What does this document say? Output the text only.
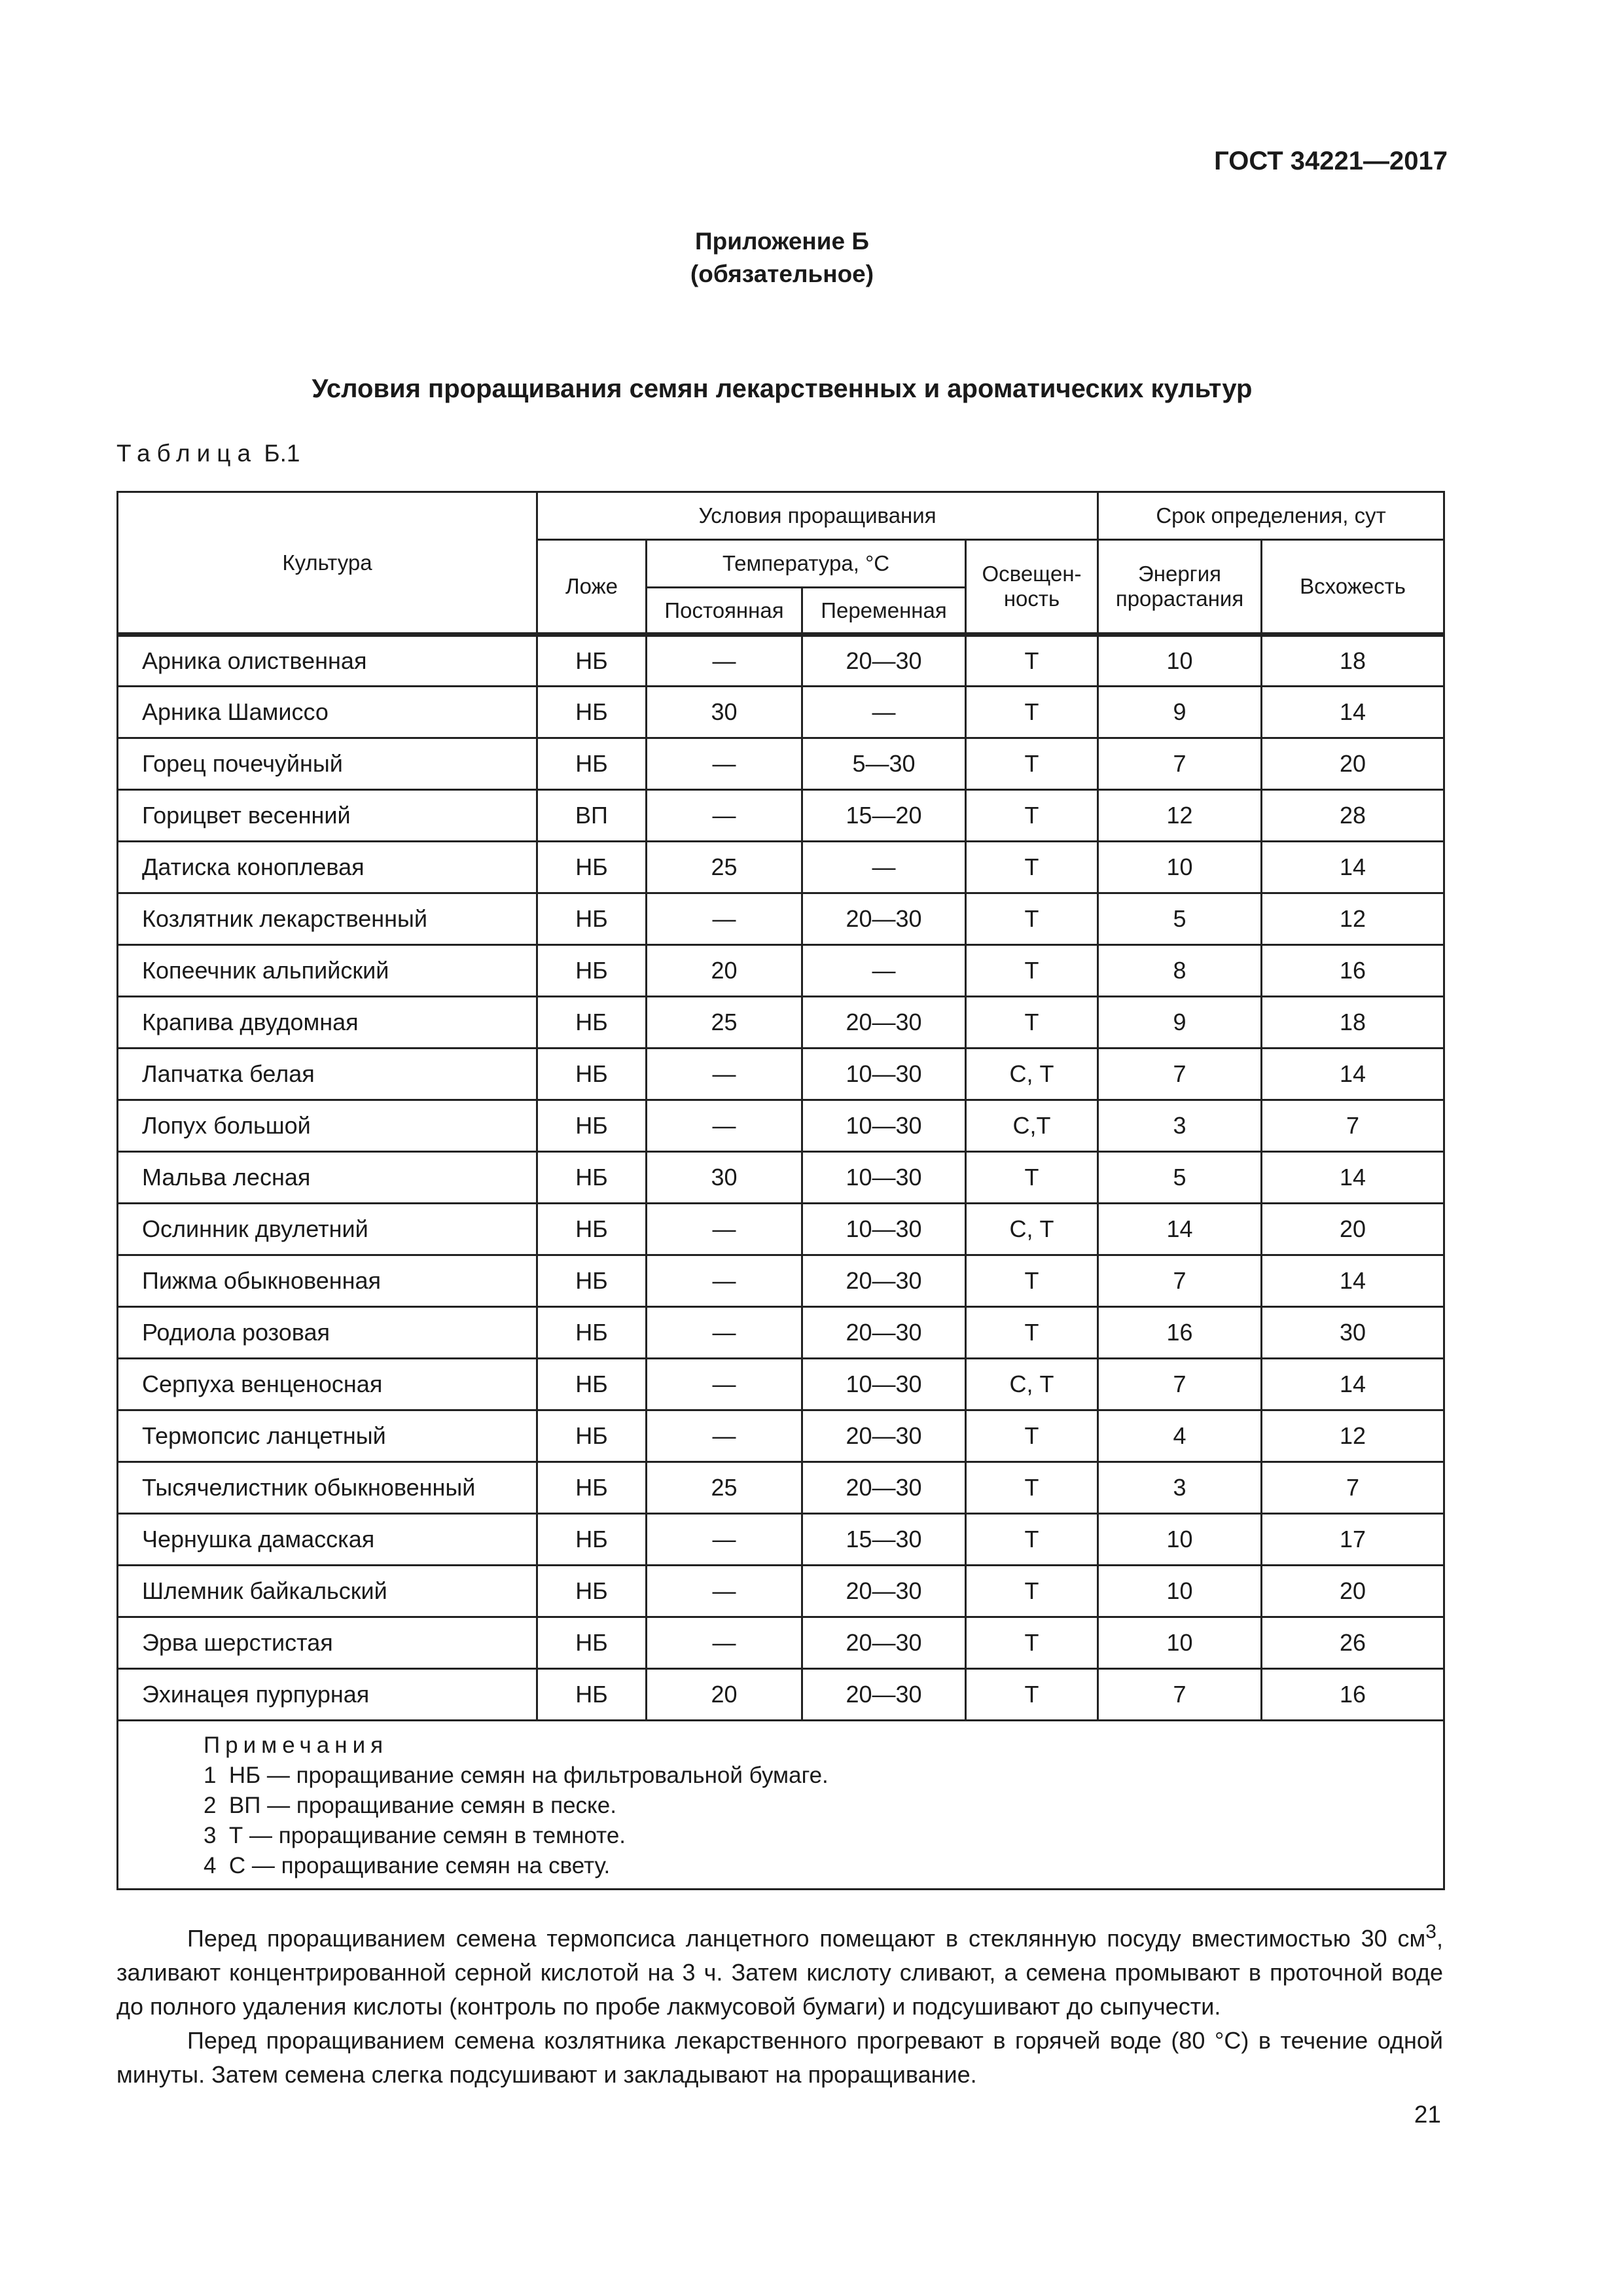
ГОСТ 34221—2017
Приложение Б
(обязательное)
Условия проращивания семян лекарственных и ароматических культур
Таблица Б.1
Культура	Условия проращивания				Срок определения, сут	
	Ложе	Температура, °С		Освещен-ность	Энергия прорастания	Всхожесть
		Постоянная	Переменная			
Арника олиственная	НБ	—	20—30	Т	10	18
Арника Шамиссо	НБ	30	—	Т	9	14
Горец почечуйный	НБ	—	5—30	Т	7	20
Горицвет весенний	ВП	—	15—20	Т	12	28
Датиска коноплевая	НБ	25	—	Т	10	14
Козлятник лекарственный	НБ	—	20—30	Т	5	12
Копеечник альпийский	НБ	20	—	Т	8	16
Крапива двудомная	НБ	25	20—30	Т	9	18
Лапчатка белая	НБ	—	10—30	С, Т	7	14
Лопух большой	НБ	—	10—30	С,Т	3	7
Мальва лесная	НБ	30	10—30	Т	5	14
Ослинник двулетний	НБ	—	10—30	С, Т	14	20
Пижма обыкновенная	НБ	—	20—30	Т	7	14
Родиола розовая	НБ	—	20—30	Т	16	30
Серпуха венценосная	НБ	—	10—30	С, Т	7	14
Термопсис ланцетный	НБ	—	20—30	Т	4	12
Тысячелистник обыкновенный	НБ	25	20—30	Т	3	7
Чернушка дамасская	НБ	—	15—30	Т	10	17
Шлемник байкальский	НБ	—	20—30	Т	10	20
Эрва шерстистая	НБ	—	20—30	Т	10	26
Эхинацея пурпурная	НБ	20	20—30	Т	7	16

Примечания
1  НБ — проращивание семян на фильтровальной бумаге.
2  ВП — проращивание семян в песке.
3  Т — проращивание семян в темноте.
4  С — проращивание семян на свету.						

Перед проращиванием семена термопсиса ланцетного помещают в стеклянную посуду вместимостью 30 $см^3$, заливают концентрированной серной кислотой на 3 ч. Затем кислоту сливают, а семена промывают в проточной воде до полного удаления кислоты (контроль по пробе лакмусовой бумаги) и подсушивают до сыпучести.

Перед проращиванием семена козлятника лекарственного прогревают в горячей воде (80 °С) в течение одной минуты. Затем семена слегка подсушивают и закладывают на проращивание.

21
